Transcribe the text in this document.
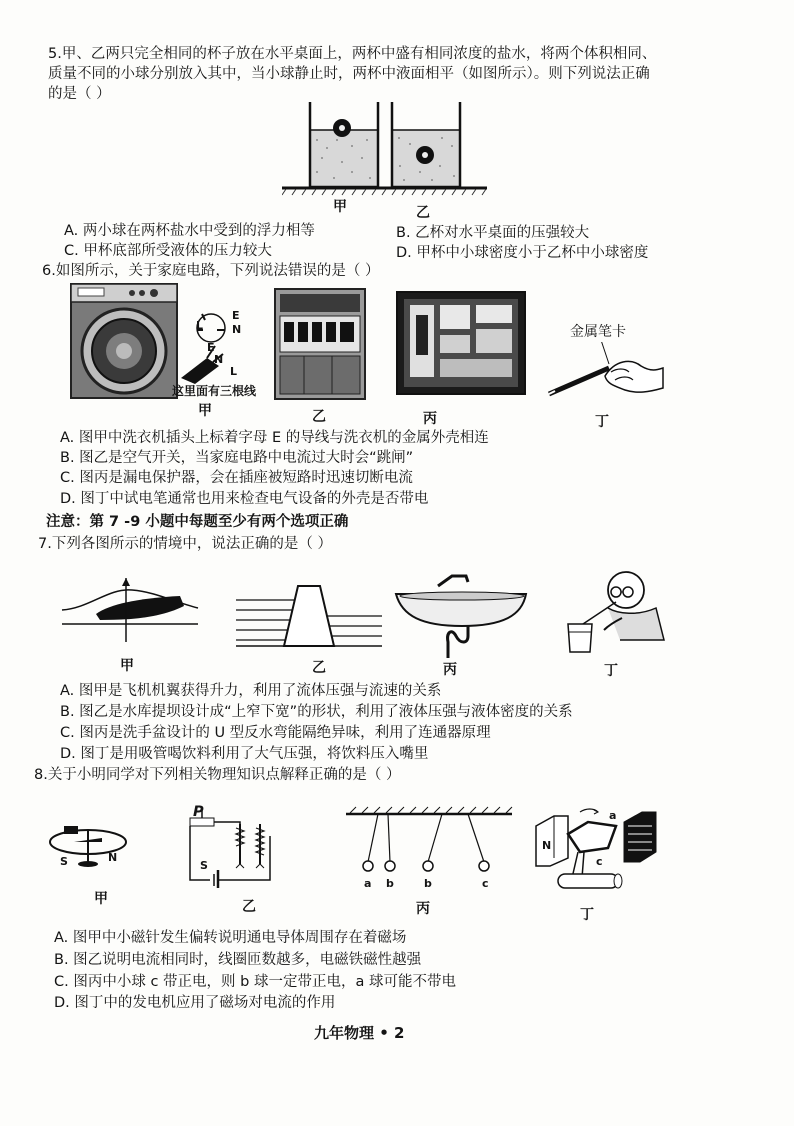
5.甲、乙两只完全相同的杯子放在水平桌面上，两杯中盛有相同浓度的盐水，将两个体积相同、
质量不同的小球分别放入其中，当小球静止时，两杯中液面相平（如图所示）。则下列说法正确
的是（ ）
甲	乙
A. 两小球在两杯盐水中受到的浮力相等	B. 乙杯对水平桌面的压强较大
C. 甲杯底部所受液体的压力较大	D. 甲杯中小球密度小于乙杯中小球密度
6.如图所示，关于家庭电路，下列说法错误的是（ ）
L
E
N
E
N
L
这里面有三根线
甲	乙	丙
金属笔卡
丁
A. 图甲中洗衣机插头上标着字母 E 的导线与洗衣机的金属外壳相连
B. 图乙是空气开关，当家庭电路中电流过大时会“跳闸”
C. 图丙是漏电保护器，会在插座被短路时迅速切断电流
D. 图丁中试电笔通常也用来检查电气设备的外壳是否带电
注意：第 7 -9 小题中每题至少有两个选项正确
7.下列各图所示的情境中，说法正确的是（ ）
甲	乙	丙	丁
A. 图甲是飞机机翼获得升力，利用了流体压强与流速的关系
B. 图乙是水库提坝设计成“上窄下宽”的形状，利用了液体压强与液体密度的关系
C. 图丙是洗手盆设计的 U 型反水弯能隔绝异味，利用了连通器原理
D. 图丁是用吸管喝饮料利用了大气压强，将饮料压入嘴里
8.关于小明同学对下列相关物理知识点解释正确的是（ ）
S	N
甲
P
S
乙
a b	b	c
丙
a
N
c
丁
A. 图甲中小磁针发生偏转说明通电导体周围存在着磁场
B. 图乙说明电流相同时，线圈匝数越多，电磁铁磁性越强
C. 图丙中小球 c 带正电，则 b 球一定带正电，a 球可能不带电
D. 图丁中的发电机应用了磁场对电流的作用
九年物理 • 2
